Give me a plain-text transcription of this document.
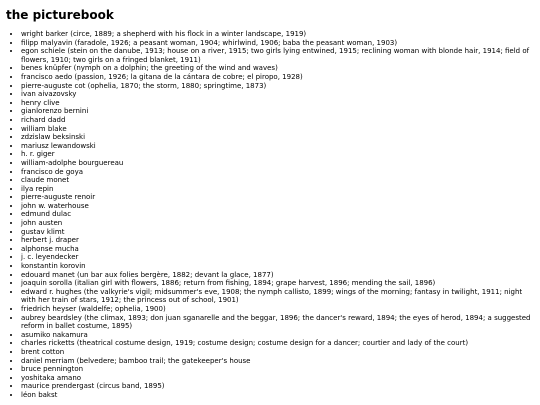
the picturebook
• wright barker (circe, 1889; a shepherd with his flock in a winter landscape, 1919)
• filipp malyavin (faradole, 1926; a peasant woman, 1904; whirlwind, 1906; baba the peasant woman, 1903)
• egon schiele (stein on the danube, 1913; house on a river, 1915; two girls lying entwined, 1915; reclining woman with blonde hair, 1914; field of flowers, 1910; two girls on a fringed blanket, 1911)
• benes knüpfer (nymph on a dolphin; the greeting of the wind and waves)
• francisco aedo (passion, 1926; la gitana de la cántara de cobre; el piropo, 1928)
• pierre-auguste cot (ophelia, 1870; the storm, 1880; springtime, 1873)
• ivan aivazovsky
• henry clive
• gianlorenzo bernini
• richard dadd
• william blake
• zdzislaw beksinski
• mariusz lewandowski
• h. r. giger
• william-adolphe bourguereau
• francisco de goya
• claude monet
• ilya repin
• pierre-auguste renoir
• john w. waterhouse
• edmund dulac
• john austen
• gustav klimt
• herbert j. draper
• alphonse mucha
• j. c. leyendecker
• konstantin korovin
• edouard manet (un bar aux folies bergère, 1882; devant la glace, 1877)
• joaquin sorolla (italian girl with flowers, 1886; return from fishing, 1894; grape harvest, 1896; mending the sail, 1896)
• edward r. hughes (the valkyrie's vigil; midsummer's eve, 1908; the nymph callisto, 1899; wings of the morning; fantasy in twilight, 1911; night with her train of stars, 1912; the princess out of school, 1901)
• friedrich heyser (waldelfe; ophelia, 1900)
• aubrey beardsley (the climax, 1893; don juan sganarelle and the beggar, 1896; the dancer's reward, 1894; the eyes of herod, 1894; a suggested reform in ballet costume, 1895)
• asumiko nakamura
• charles ricketts (theatrical costume design, 1919; costume design; costume design for a dancer; courtier and lady of the court)
• brent cotton
• daniel merriam (belvedere; bamboo trail; the gatekeeper's house
• bruce pennington
• yoshitaka amano
• maurice prendergast (circus band, 1895)
• léon bakst
